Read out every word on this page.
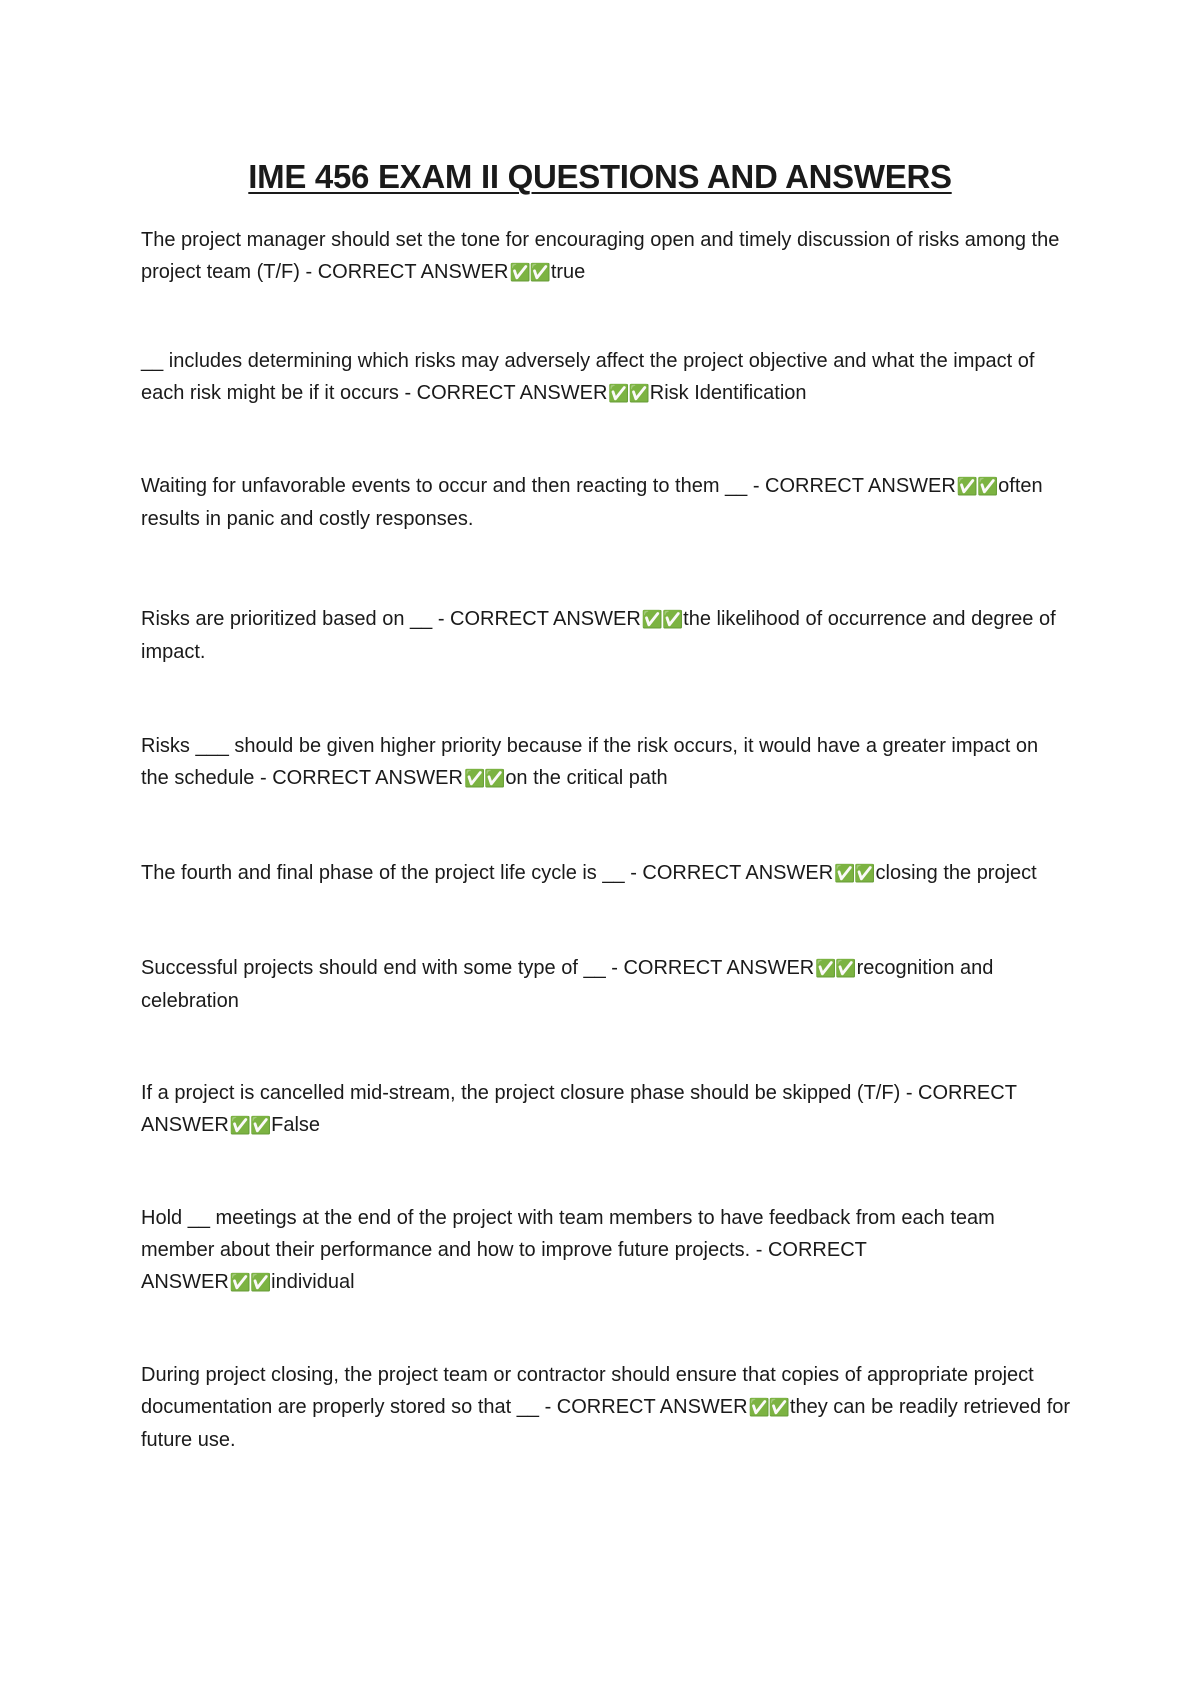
IME 456 EXAM II QUESTIONS AND ANSWERS

The project manager should set the tone for encouraging open and timely discussion of risks among the project team (T/F) - CORRECT ANSWER✅✅true

__ includes determining which risks may adversely affect the project objective and what the impact of each risk might be if it occurs - CORRECT ANSWER✅✅Risk Identification

Waiting for unfavorable events to occur and then reacting to them __ - CORRECT ANSWER✅✅often results in panic and costly responses.

Risks are prioritized based on __ - CORRECT ANSWER✅✅the likelihood of occurrence and degree of impact.

Risks ___ should be given higher priority because if the risk occurs, it would have a greater impact on the schedule - CORRECT ANSWER✅✅on the critical path

The fourth and final phase of the project life cycle is __ - CORRECT ANSWER✅✅closing the project

Successful projects should end with some type of __ - CORRECT ANSWER✅✅recognition and celebration

If a project is cancelled mid-stream, the project closure phase should be skipped (T/F) - CORRECT ANSWER✅✅False

Hold __ meetings at the end of the project with team members to have feedback from each team member about their performance and how to improve future projects. - CORRECT ANSWER✅✅individual

During project closing, the project team or contractor should ensure that copies of appropriate project documentation are properly stored so that __ - CORRECT ANSWER✅✅they can be readily retrieved for future use.
